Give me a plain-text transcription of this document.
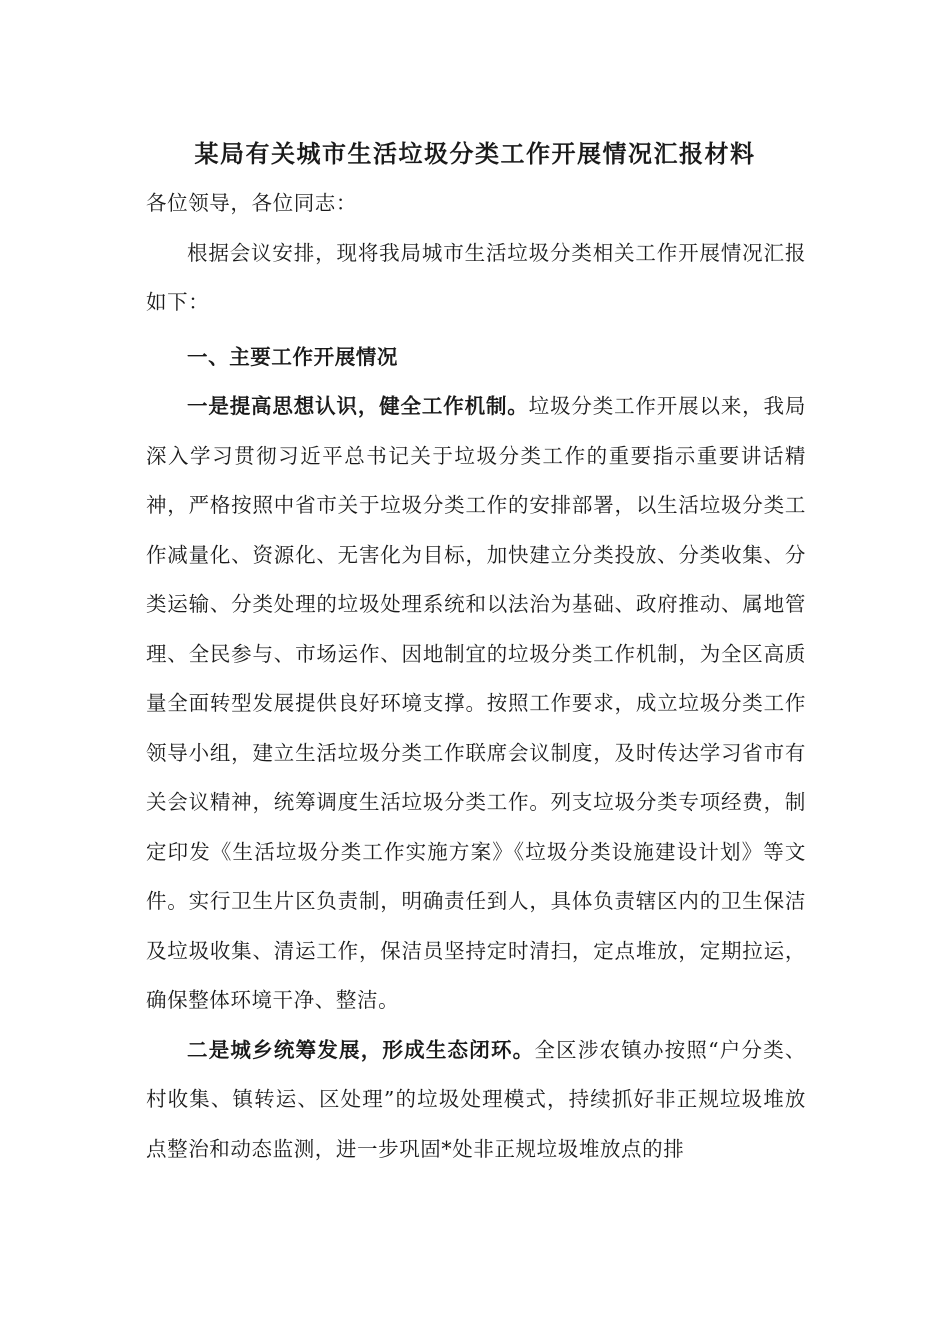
某局有关城市生活垃圾分类工作开展情况汇报材料

各位领导，各位同志：

根据会议安排，现将我局城市生活垃圾分类相关工作开展情况汇报如下：

一、主要工作开展情况

一是提高思想认识，健全工作机制。垃圾分类工作开展以来，我局深入学习贯彻习近平总书记关于垃圾分类工作的重要指示重要讲话精神，严格按照中省市关于垃圾分类工作的安排部署，以生活垃圾分类工作减量化、资源化、无害化为目标，加快建立分类投放、分类收集、分类运输、分类处理的垃圾处理系统和以法治为基础、政府推动、属地管理、全民参与、市场运作、因地制宜的垃圾分类工作机制，为全区高质量全面转型发展提供良好环境支撑。按照工作要求，成立垃圾分类工作领导小组，建立生活垃圾分类工作联席会议制度，及时传达学习省市有关会议精神，统筹调度生活垃圾分类工作。列支垃圾分类专项经费，制定印发《生活垃圾分类工作实施方案》《垃圾分类设施建设计划》等文件。实行卫生片区负责制，明确责任到人，具体负责辖区内的卫生保洁及垃圾收集、清运工作，保洁员坚持定时清扫，定点堆放，定期拉运，确保整体环境干净、整洁。

二是城乡统筹发展，形成生态闭环。全区涉农镇办按照“户分类、村收集、镇转运、区处理”的垃圾处理模式，持续抓好非正规垃圾堆放点整治和动态监测，进一步巩固*处非正规垃圾堆放点的排
